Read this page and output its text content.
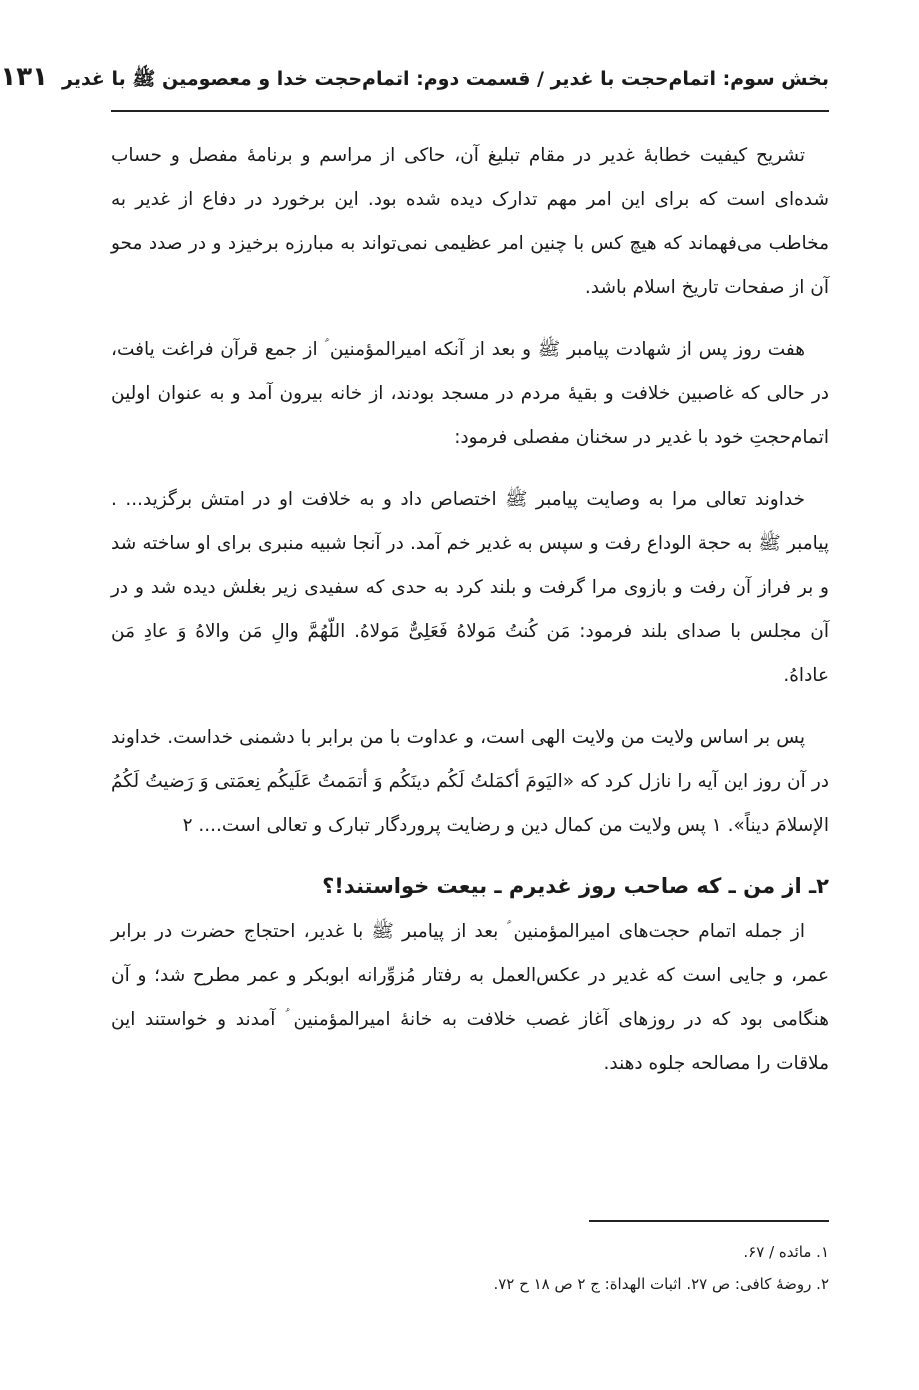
بخش سوم: اتمام‌حجت با غدیر / قسمت دوم: اتمام‌حجت خدا و معصومین ﷺ با غدیر
۱۳۱

تشریح کیفیت خطابهٔ غدیر در مقام تبلیغ آن، حاکی از مراسم و برنامهٔ مفصل و حساب شده‌ای است که برای این امر مهم تدارک دیده شده بود. این برخورد در دفاع از غدیر به مخاطب می‌فهماند که هیچ کس با چنین امر عظیمی نمی‌تواند به مبارزه برخیزد و در صدد محو آن از صفحات تاریخ اسلام باشد.

هفت روز پس از شهادت پیامبر ﷺ و بعد از آنکه امیرالمؤمنین ؑ از جمع قرآن فراغت یافت، در حالی که غاصبین خلافت و بقیهٔ مردم در مسجد بودند، از خانه بیرون آمد و به عنوان اولین اتمام‌حجتِ خود با غدیر در سخنان مفصلی فرمود:

خداوند تعالی مرا به وصایت پیامبر ﷺ اختصاص داد و به خلافت او در امتش برگزید... . پیامبر ﷺ به حجة الوداع رفت و سپس به غدیر خم آمد. در آنجا شبیه منبری برای او ساخته شد و بر فراز آن رفت و بازوی مرا گرفت و بلند کرد به حدی که سفیدی زیر بغلش دیده شد و در آن مجلس با صدای بلند فرمود: مَن کُنتُ مَولاهُ فَعَلِیٌّ مَولاهُ. اللّهُمَّ والِ مَن والاهُ وَ عادِ مَن عاداهُ.

پس بر اساس ولایت من ولایت الهی است، و عداوت با من برابر با دشمنی خداست. خداوند در آن روز این آیه را نازل کرد که «الیَومَ أکمَلتُ لَکُم دینَکُم وَ أتمَمتُ عَلَیکُم نِعمَتی وَ رَضیتُ لَکُمُ الإسلامَ دیناً». ۱ پس ولایت من کمال دین و رضایت پروردگار تبارک و تعالی است.... ۲

۲ـ از من ـ که صاحب روز غدیرم ـ بیعت خواستند!؟

از جمله اتمام حجت‌های امیرالمؤمنین ؑ بعد از پیامبر ﷺ با غدیر، احتجاج حضرت در برابر عمر، و جایی است که غدیر در عکس‌العمل به رفتار مُزوِّرانه ابوبکر و عمر مطرح شد؛ و آن هنگامی بود که در روزهای آغاز غصب خلافت به خانهٔ امیرالمؤمنین ؑ آمدند و خواستند این ملاقات را مصالحه جلوه دهند.

۱. مائده / ۶۷.
۲. روضهٔ کافی: ص ۲۷. اثبات الهداة: ج ۲ ص ۱۸ ح ۷۲.
